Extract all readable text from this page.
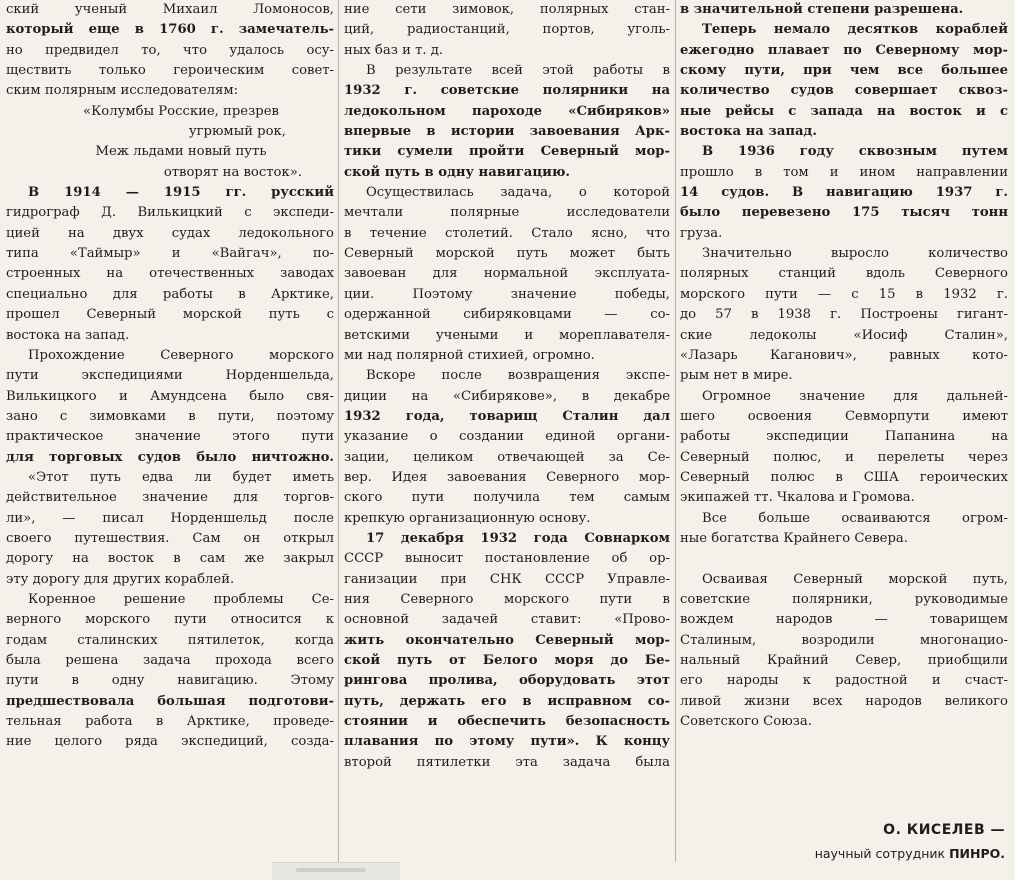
ский ученый Михаил Ломоносов,
который еще в 1760 г. замечатель-
но предвидел то, что удалось осу-
ществить только героическим совет-
ским полярным исследователям:
«Колумбы Росские, презрев
угрюмый рок,
Меж льдами новый путь
отворят на восток».
В 1914 — 1915 гг. русский
гидрограф Д. Вилькицкий с экспеди-
цией на двух судах ледокольного
типа «Таймыр» и «Вайгач», по-
строенных на отечественных заводах
специально для работы в Арктике,
прошел Северный морской путь с
востока на запад.
Прохождение Северного морского
пути экспедициями Норденшельда,
Вилькицкого и Амундсена было свя-
зано с зимовками в пути, поэтому
практическое значение этого пути
для торговых судов было ничтожно.
«Этот путь едва ли будет иметь
действительное значение для торгов-
ли», — писал Норденшельд после
своего путешествия. Сам он открыл
дорогу на восток в сам же закрыл
эту дорогу для других кораблей.
Коренное решение проблемы Се-
верного морского пути относится к
годам сталинских пятилеток, когда
была решена задача прохода всего
пути в одну навигацию. Этому
предшествовала большая подготови-
тельная работа в Арктике, проведе-
ние целого ряда экспедиций, созда-
ние сети зимовок, полярных стан-
ций, радиостанций, портов, уголь-
ных баз и т. д.
В результате всей этой работы в
1932 г. советские полярники на
ледокольном пароходе «Сибиряков»
впервые в истории завоевания Арк-
тики сумели пройти Северный мор-
ской путь в одну навигацию.
Осуществилась задача, о которой
мечтали полярные исследователи
в течение столетий. Стало ясно, что
Северный морской путь может быть
завоеван для нормальной эксплуата-
ции. Поэтому значение победы,
одержанной сибиряковцами — со-
ветскими учеными и мореплавателя-
ми над полярной стихией, огромно.
Вскоре после возвращения экспе-
диции на «Сибирякове», в декабре
1932 года, товарищ Сталин дал
указание о создании единой органи-
зации, целиком отвечающей за Се-
вер. Идея завоевания Северного мор-
ского пути получила тем самым
крепкую организационную основу.
17 декабря 1932 года Совнарком
СССР выносит постановление об ор-
ганизации при СНК СССР Управле-
ния Северного морского пути в
основной задачей ставит: «Прово-
жить окончательно Северный мор-
ской путь от Белого моря до Бе-
рингова пролива, оборудовать этот
путь, держать его в исправном со-
стоянии и обеспечить безопасность
плавания по этому пути». К концу
второй пятилетки эта задача была
в значительной степени разрешена.
Теперь немало десятков кораблей
ежегодно плавает по Северному мор-
скому пути, при чем все большее
количество судов совершает сквоз-
ные рейсы с запада на восток и с
востока на запад.
В 1936 году сквозным путем
прошло в том и ином направлении
14 судов. В навигацию 1937 г.
было перевезено 175 тысяч тонн
груза.
Значительно выросло количество
полярных станций вдоль Северного
морского пути — с 15 в 1932 г.
до 57 в 1938 г. Построены гигант-
ские ледоколы «Иосиф Сталин»,
«Лазарь Каганович», равных кото-
рым нет в мире.
Огромное значение для дальней-
шего освоения Севморпути имеют
работы экспедиции Папанина на
Северный полюс, и перелеты через
Северный полюс в США героических
экипажей тт. Чкалова и Громова.
Все больше осваиваются огром-
ные богатства Крайнего Севера.
Осваивая Северный морской путь,
советские полярники, руководимые
вождем народов — товарищем
Сталиным, возродили многонацио-
нальный Крайний Север, приобщили
его народы к радостной и счаст-
ливой жизни всех народов великого
Советского Союза.
О. КИСЕЛЕВ —
научный сотрудник ПИНРО.
